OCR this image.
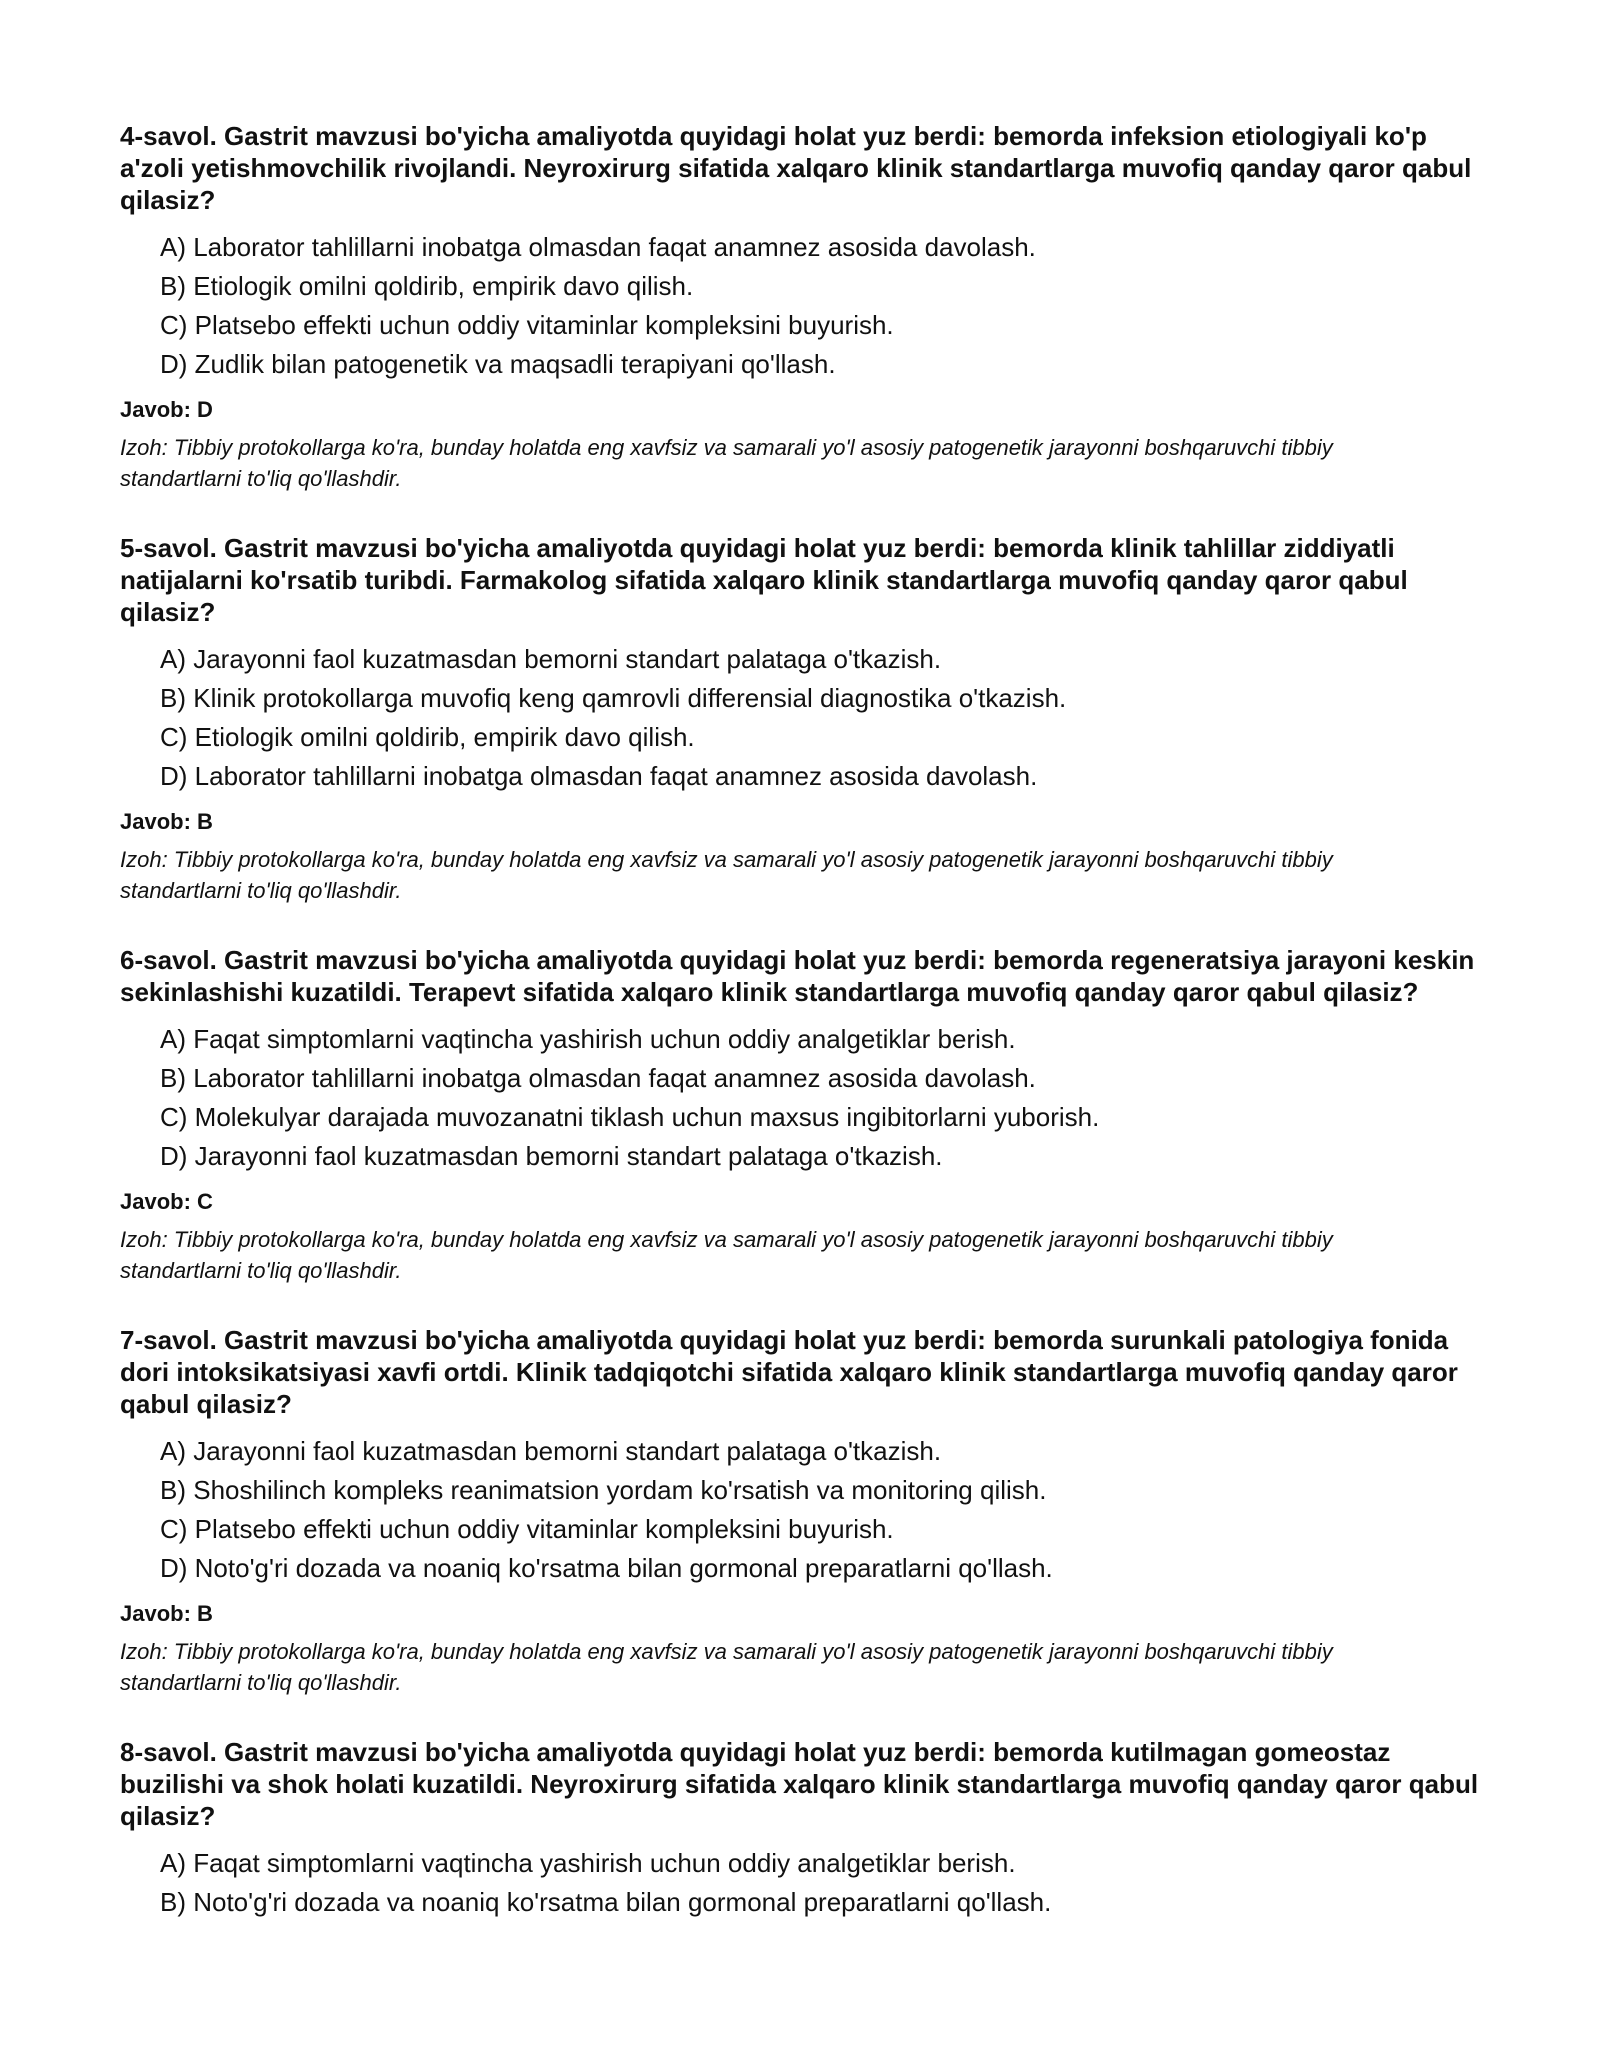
4-savol. Gastrit mavzusi bo'yicha amaliyotda quyidagi holat yuz berdi: bemorda infeksion etiologiyali ko'p a'zoli yetishmovchilik rivojlandi. Neyroxirurg sifatida xalqaro klinik standartlarga muvofiq qanday qaror qabul qilasiz?
A) Laborator tahlillarni inobatga olmasdan faqat anamnez asosida davolash.
B) Etiologik omilni qoldirib, empirik davo qilish.
C) Platsebo effekti uchun oddiy vitaminlar kompleksini buyurish.
D) Zudlik bilan patogenetik va maqsadli terapiyani qo'llash.
Javob: D
Izoh: Tibbiy protokollarga ko'ra, bunday holatda eng xavfsiz va samarali yo'l asosiy patogenetik jarayonni boshqaruvchi tibbiy standartlarni to'liq qo'llashdir.
5-savol. Gastrit mavzusi bo'yicha amaliyotda quyidagi holat yuz berdi: bemorda klinik tahlillar ziddiyatli natijalarni ko'rsatib turibdi. Farmakolog sifatida xalqaro klinik standartlarga muvofiq qanday qaror qabul qilasiz?
A) Jarayonni faol kuzatmasdan bemorni standart palataga o'tkazish.
B) Klinik protokollarga muvofiq keng qamrovli differensial diagnostika o'tkazish.
C) Etiologik omilni qoldirib, empirik davo qilish.
D) Laborator tahlillarni inobatga olmasdan faqat anamnez asosida davolash.
Javob: B
Izoh: Tibbiy protokollarga ko'ra, bunday holatda eng xavfsiz va samarali yo'l asosiy patogenetik jarayonni boshqaruvchi tibbiy standartlarni to'liq qo'llashdir.
6-savol. Gastrit mavzusi bo'yicha amaliyotda quyidagi holat yuz berdi: bemorda regeneratsiya jarayoni keskin sekinlashishi kuzatildi. Terapevt sifatida xalqaro klinik standartlarga muvofiq qanday qaror qabul qilasiz?
A) Faqat simptomlarni vaqtincha yashirish uchun oddiy analgetiklar berish.
B) Laborator tahlillarni inobatga olmasdan faqat anamnez asosida davolash.
C) Molekulyar darajada muvozanatni tiklash uchun maxsus ingibitorlarni yuborish.
D) Jarayonni faol kuzatmasdan bemorni standart palataga o'tkazish.
Javob: C
Izoh: Tibbiy protokollarga ko'ra, bunday holatda eng xavfsiz va samarali yo'l asosiy patogenetik jarayonni boshqaruvchi tibbiy standartlarni to'liq qo'llashdir.
7-savol. Gastrit mavzusi bo'yicha amaliyotda quyidagi holat yuz berdi: bemorda surunkali patologiya fonida dori intoksikatsiyasi xavfi ortdi. Klinik tadqiqotchi sifatida xalqaro klinik standartlarga muvofiq qanday qaror qabul qilasiz?
A) Jarayonni faol kuzatmasdan bemorni standart palataga o'tkazish.
B) Shoshilinch kompleks reanimatsion yordam ko'rsatish va monitoring qilish.
C) Platsebo effekti uchun oddiy vitaminlar kompleksini buyurish.
D) Noto'g'ri dozada va noaniq ko'rsatma bilan gormonal preparatlarni qo'llash.
Javob: B
Izoh: Tibbiy protokollarga ko'ra, bunday holatda eng xavfsiz va samarali yo'l asosiy patogenetik jarayonni boshqaruvchi tibbiy standartlarni to'liq qo'llashdir.
8-savol. Gastrit mavzusi bo'yicha amaliyotda quyidagi holat yuz berdi: bemorda kutilmagan gomeostaz buzilishi va shok holati kuzatildi. Neyroxirurg sifatida xalqaro klinik standartlarga muvofiq qanday qaror qabul qilasiz?
A) Faqat simptomlarni vaqtincha yashirish uchun oddiy analgetiklar berish.
B) Noto'g'ri dozada va noaniq ko'rsatma bilan gormonal preparatlarni qo'llash.
